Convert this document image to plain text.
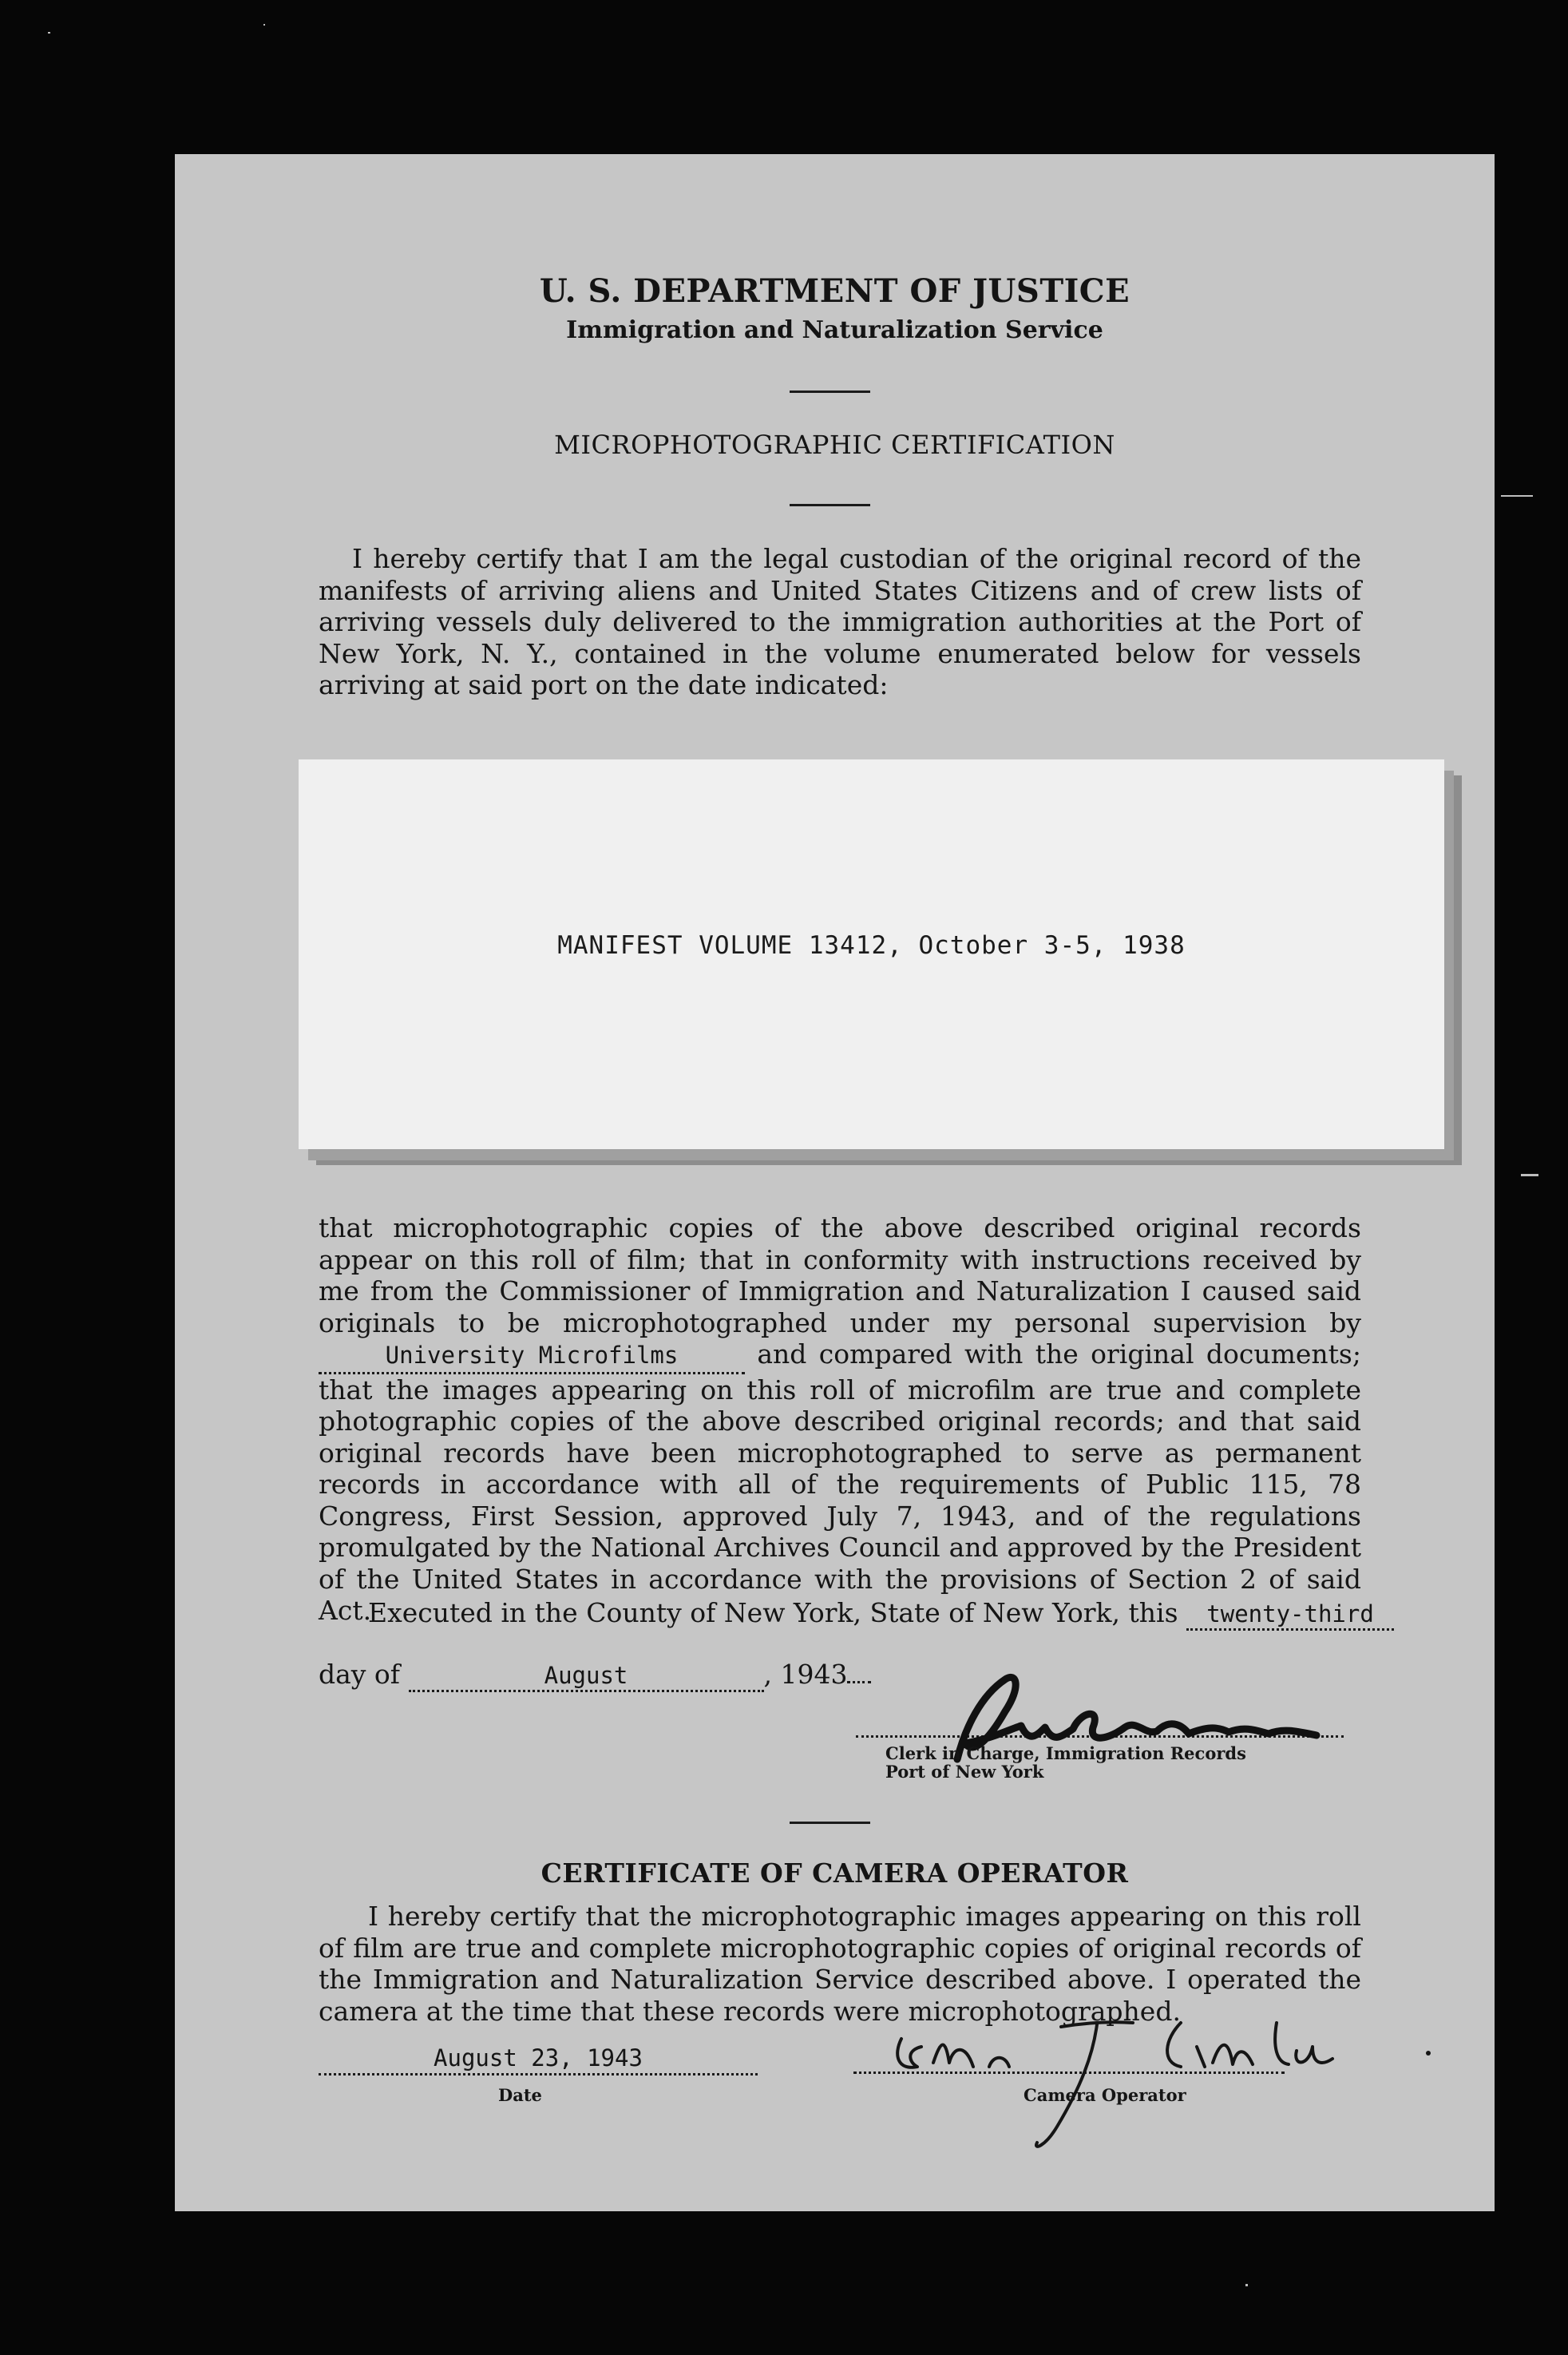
U. S. DEPARTMENT OF JUSTICE
Immigration and Naturalization Service
MICROPHOTOGRAPHIC CERTIFICATION

I hereby certify that I am the legal custodian of the original record of the manifests of arriving aliens and United States Citizens and of crew lists of arriving vessels duly delivered to the immigration authorities at the Port of New York, N. Y., contained in the volume enumerated below for vessels arriving at said port on the date indicated:

MANIFEST VOLUME 13412, October 3-5, 1938

that microphotographic copies of the above described original records appear on this roll of film; that in conformity with instructions received by me from the Commissioner of Immigration and Naturalization I caused said originals to be microphotographed under my personal supervision by University Microfilms	and compared with the original documents; that the images appearing on this roll of microfilm are true and complete photographic copies of the above described original records; and that said original records have been microphotographed to serve as permanent records in accordance with all of the requirements of Public 115, 78 Congress, First Session, approved July 7, 1943, and of the regulations promulgated by the National Archives Council and approved by the President of the United States in accordance with the provisions of Section 2 of said Act.

Executed in the County of New York, State of New York, this twenty-third
day of	August	, 1943
Clerk in Charge, Immigration Records
Port of New York
CERTIFICATE OF CAMERA OPERATOR

I hereby certify that the microphotographic images appearing on this roll of film are true and complete microphotographic copies of original records of the Immigration and Naturalization Service described above. I operated the camera at the time that these records were microphotographed.

August 23, 1943
Date	Camera Operator
